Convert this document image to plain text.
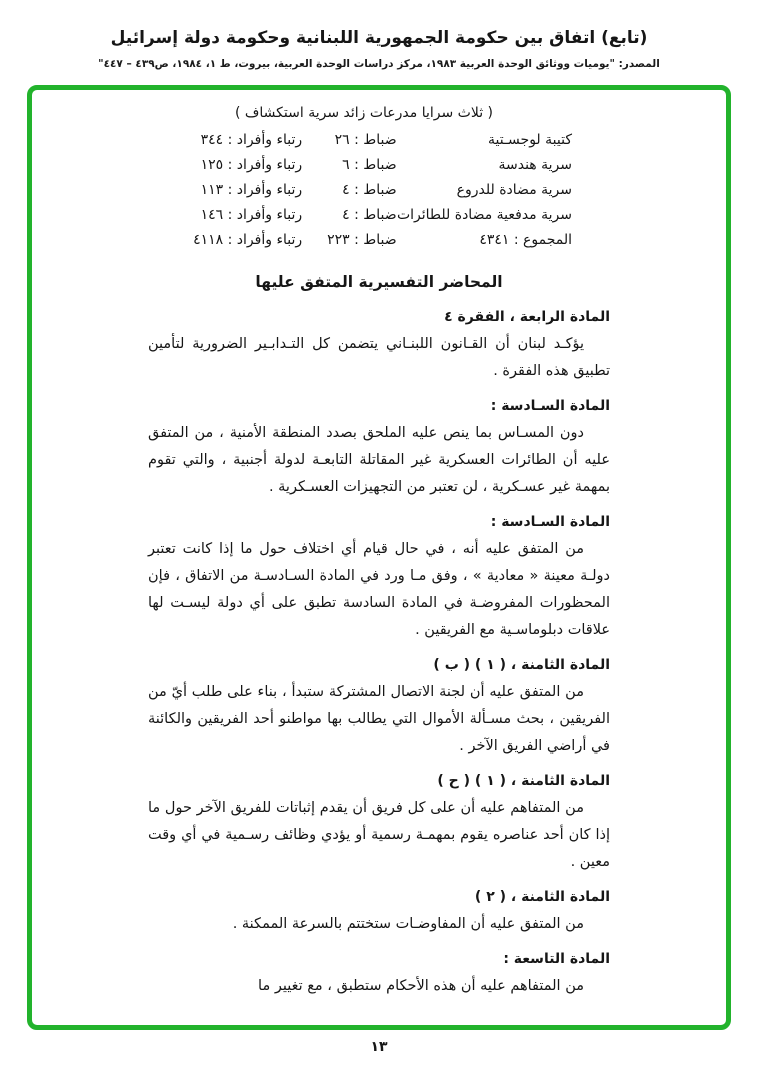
(تابع) اتفاق بين حكومة الجمهورية اللبنانية وحكومة دولة إسرائيل
المصدر: "يوميات ووثائق الوحدة العربية ١٩٨٣، مركز دراسات الوحدة العربية، بيروت، ط ١، ١٩٨٤، ص٤٣٩ – ٤٤٧"
( ثلاث سرايا مدرعات زائد سرية استكشاف )
كتيبة لوجسـتية
ضباط : ٢٦
رتباء وأفراد : ٣٤٤
سرية هندسة
ضباط : ٦
رتباء وأفراد : ١٢٥
سرية مضادة للدروع
ضباط : ٤
رتباء وأفراد : ١١٣
سرية مدفعية مضادة للطائرات
ضباط : ٤
رتباء وأفراد : ١٤٦
المجموع : ٤٣٤١
ضباط : ٢٢٣
رتباء وأفراد : ٤١١٨
المحاضر التفسيرية المتفق عليها
المادة الرابعة ، الفقرة ٤

يؤكـد لبنان أن القـانون اللبنـاني يتضمن كل التـدابـير الضرورية لتأمين تطبيق هذه الفقرة .

المادة السـادسة :

دون المسـاس بما ينص عليه الملحق بصدد المنطقة الأمنية ، من المتفق عليه أن الطائرات العسكرية غير المقاتلة التابعـة لدولة أجنبية ، والتي تقوم بمهمة غير عسـكرية ، لن تعتبر من التجهيزات العسـكرية .

المادة السـادسة :

من المتفق عليه أنه ، في حال قيام أي اختلاف حول ما إذا كانت تعتبر دولـة معينة « معادية » ، وفق مـا ورد في المادة السـادسـة من الاتفاق ، فإن المحظورات المفروضـة في المادة السادسة تطبق على أي دولة ليسـت لها علاقات دبلوماسـية مع الفريقين .

المادة الثامنة ، ( ١ ) ( ب )

من المتفق عليه أن لجنة الاتصال المشتركة ستبدأ ، بناء على طلب أيّ من الفريقين ، بحث مسـألة الأموال التي يطالب بها مواطنو أحد الفريقين والكائنة في أراضي الفريق الآخر .

المادة الثامنة ، ( ١ ) ( ح )

من المتفاهم عليه أن على كل فريق أن يقدم إثباتات للفريق الآخر حول ما إذا كان أحد عناصره يقوم بمهمـة رسمية أو يؤدي وظائف رسـمية في أي وقت معين .

المادة الثامنة ، ( ٢ )

من المتفق عليه أن المفاوضـات ستختتم بالسرعة الممكنة .

المادة التاسعة :

من المتفاهم عليه أن هذه الأحكام ستطبق ، مع تغيير ما

١٣
